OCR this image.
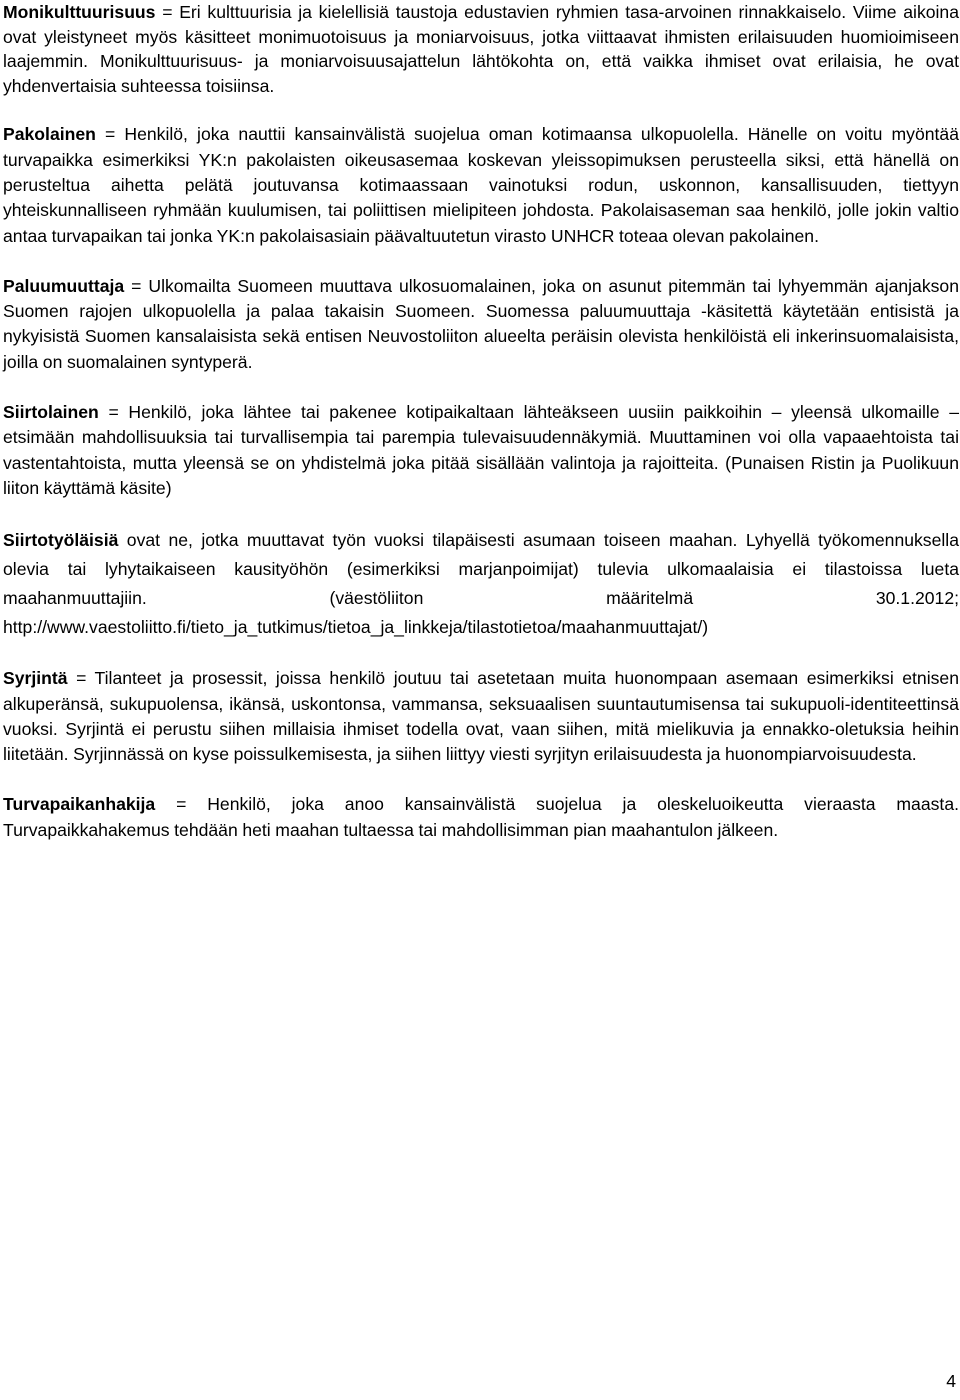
Monikulttuurisuus = Eri kulttuurisia ja kielellisiä taustoja edustavien ryhmien tasa-arvoinen rinnakkaiselo. Viime aikoina ovat yleistyneet myös käsitteet monimuotoisuus ja moniarvoisuus, jotka viittaavat ihmisten erilaisuuden huomioimiseen laajemmin. Monikulttuurisuus- ja moniarvoisuusajattelun lähtökohta on, että vaikka ihmiset ovat erilaisia, he ovat yhdenvertaisia suhteessa toisiinsa.

Pakolainen = Henkilö, joka nauttii kansainvälistä suojelua oman kotimaansa ulkopuolella. Hänelle on voitu myöntää turvapaikka esimerkiksi YK:n pakolaisten oikeusasemaa koskevan yleissopimuksen perusteella siksi, että hänellä on perusteltua aihetta pelätä joutuvansa kotimaassaan vainotuksi rodun, uskonnon, kansallisuuden, tiettyyn yhteiskunnalliseen ryhmään kuulumisen, tai poliittisen mielipiteen johdosta. Pakolaisaseman saa henkilö, jolle jokin valtio antaa turvapaikan tai jonka YK:n pakolaisasiain päävaltuutetun virasto UNHCR toteaa olevan pakolainen.

Paluumuuttaja = Ulkomailta Suomeen muuttava ulkosuomalainen, joka on asunut pitemmän tai lyhyemmän ajanjakson Suomen rajojen ulkopuolella ja palaa takaisin Suomeen. Suomessa paluumuuttaja -käsitettä käytetään entisistä ja nykyisistä Suomen kansalaisista sekä entisen Neuvostoliiton alueelta peräisin olevista henkilöistä eli inkerinsuomalaisista, joilla on suomalainen syntyperä.

Siirtolainen = Henkilö, joka lähtee tai pakenee kotipaikaltaan lähteäkseen uusiin paikkoihin – yleensä ulkomaille – etsimään mahdollisuuksia tai turvallisempia tai parempia tulevaisuudennäkymiä. Muuttaminen voi olla vapaaehtoista tai vastentahtoista, mutta yleensä se on yhdistelmä joka pitää sisällään valintoja ja rajoitteita. (Punaisen Ristin ja Puolikuun liiton käyttämä käsite)

Siirtotyöläisiä ovat ne, jotka muuttavat työn vuoksi tilapäisesti asumaan toiseen maahan. Lyhyellä työkomennuksella olevia tai lyhytaikaiseen kausityöhön (esimerkiksi marjanpoimijat) tulevia ulkomaalaisia ei tilastoissa lueta maahanmuuttajiin. (väestöliiton määritelmä 30.1.2012; http://www.vaestoliitto.fi/tieto_ja_tutkimus/tietoa_ja_linkkeja/tilastotietoa/maahanmuuttajat/)

Syrjintä = Tilanteet ja prosessit, joissa henkilö joutuu tai asetetaan muita huonompaan asemaan esimerkiksi etnisen alkuperänsä, sukupuolensa, ikänsä, uskontonsa, vammansa, seksuaalisen suuntautumisensa tai sukupuoli-identiteettinsä vuoksi. Syrjintä ei perustu siihen millaisia ihmiset todella ovat, vaan siihen, mitä mielikuvia ja ennakko-oletuksia heihin liitetään. Syrjinnässä on kyse poissulkemisesta, ja siihen liittyy viesti syrjityn erilaisuudesta ja huonompiarvoisuudesta.

Turvapaikanhakija = Henkilö, joka anoo kansainvälistä suojelua ja oleskeluoikeutta vieraasta maasta. Turvapaikkahakemus tehdään heti maahan tultaessa tai mahdollisimman pian maahantulon jälkeen.

4
